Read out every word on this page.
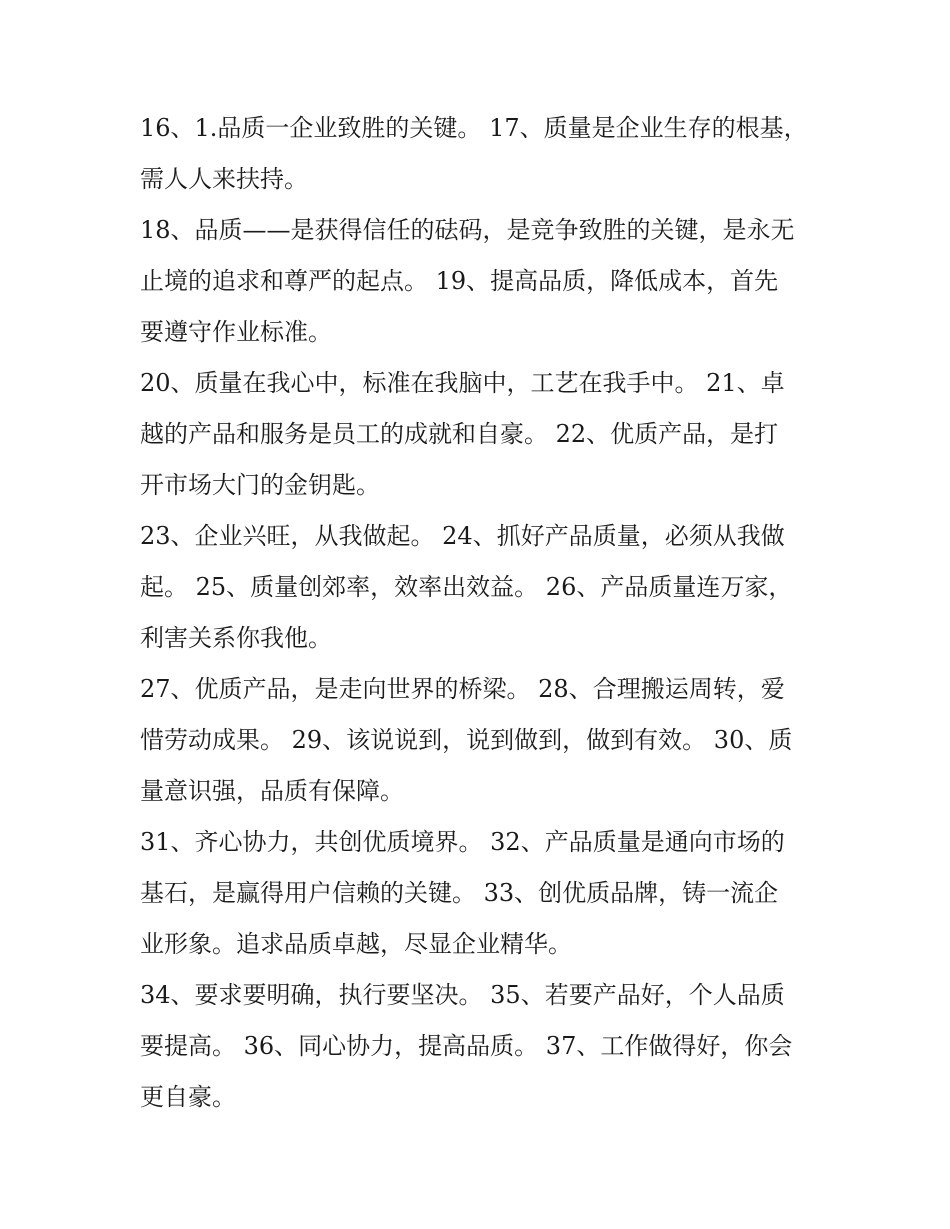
16、1.品质一企业致胜的关键。 17、质量是企业生存的根基，
需人人来扶持。

18、品质——是获得信任的砝码，是竞争致胜的关键，是永无
止境的追求和尊严的起点。 19、提高品质，降低成本，首先
要遵守作业标准。

20、质量在我心中，标准在我脑中，工艺在我手中。 21、卓
越的产品和服务是员工的成就和自豪。 22、优质产品，是打
开市场大门的金钥匙。

23、企业兴旺，从我做起。 24、抓好产品质量，必须从我做
起。 25、质量创郊率，效率出效益。 26、产品质量连万家，
利害关系你我他。

27、优质产品，是走向世界的桥梁。 28、合理搬运周转，爱
惜劳动成果。 29、该说说到，说到做到，做到有效。 30、质
量意识强，品质有保障。

31、齐心协力，共创优质境界。 32、产品质量是通向市场的
基石，是赢得用户信赖的关键。 33、创优质品牌，铸一流企
业形象。追求品质卓越，尽显企业精华。

34、要求要明确，执行要坚决。 35、若要产品好，个人品质
要提高。 36、同心协力，提高品质。 37、工作做得好，你会
更自豪。
